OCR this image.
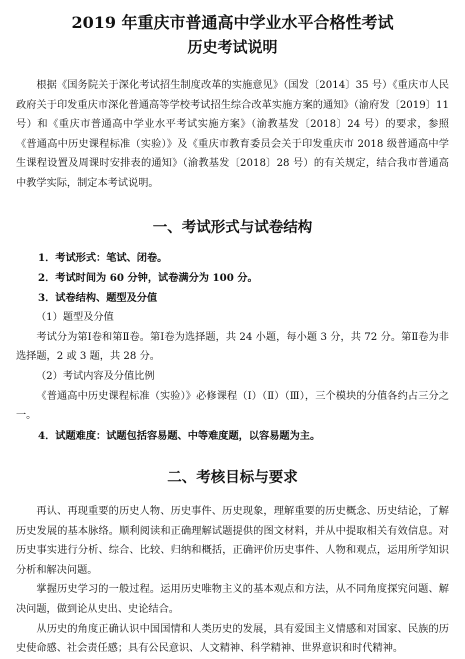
2019 年重庆市普通高中学业水平合格性考试
历史考试说明

根据《国务院关于深化考试招生制度改革的实施意见》（国发〔2014〕35 号）《重庆市人民政府关于印发重庆市深化普通高等学校考试招生综合改革实施方案的通知》（渝府发〔2019〕11 号）和《重庆市普通高中学业水平考试实施方案》（渝教基发〔2018〕24 号）的要求，参照《普通高中历史课程标准（实验）》及《重庆市教育委员会关于印发重庆市 2018 级普通高中学生课程设置及周课时安排表的通知》（渝教基发〔2018〕28 号）的有关规定，结合我市普通高中教学实际，制定本考试说明。

一、考试形式与试卷结构

1．考试形式：笔试、闭卷。

2．考试时间为 60 分钟，试卷满分为 100 分。

3．试卷结构、题型及分值

（1）题型及分值

考试分为第Ⅰ卷和第Ⅱ卷。第Ⅰ卷为选择题，共 24 小题，每小题 3 分，共 72 分。第Ⅱ卷为非选择题，2 或 3 题，共 28 分。

（2）考试内容及分值比例

《普通高中历史课程标准（实验）》必修课程（Ⅰ）（Ⅱ）（Ⅲ），三个模块的分值各约占三分之一。

4．试题难度：试题包括容易题、中等难度题，以容易题为主。

二、考核目标与要求

再认、再现重要的历史人物、历史事件、历史现象，理解重要的历史概念、历史结论，了解历史发展的基本脉络。顺利阅读和正确理解试题提供的图文材料，并从中提取相关有效信息。对历史事实进行分析、综合、比较、归纳和概括，正确评价历史事件、人物和观点，运用所学知识分析和解决问题。

掌握历史学习的一般过程。运用历史唯物主义的基本观点和方法，从不同角度探究问题、解决问题，做到论从史出、史论结合。

从历史的角度正确认识中国国情和人类历史的发展，具有爱国主义情感和对国家、民族的历史使命感、社会责任感；具有公民意识、人文精神、科学精神、世界意识和时代精神。
